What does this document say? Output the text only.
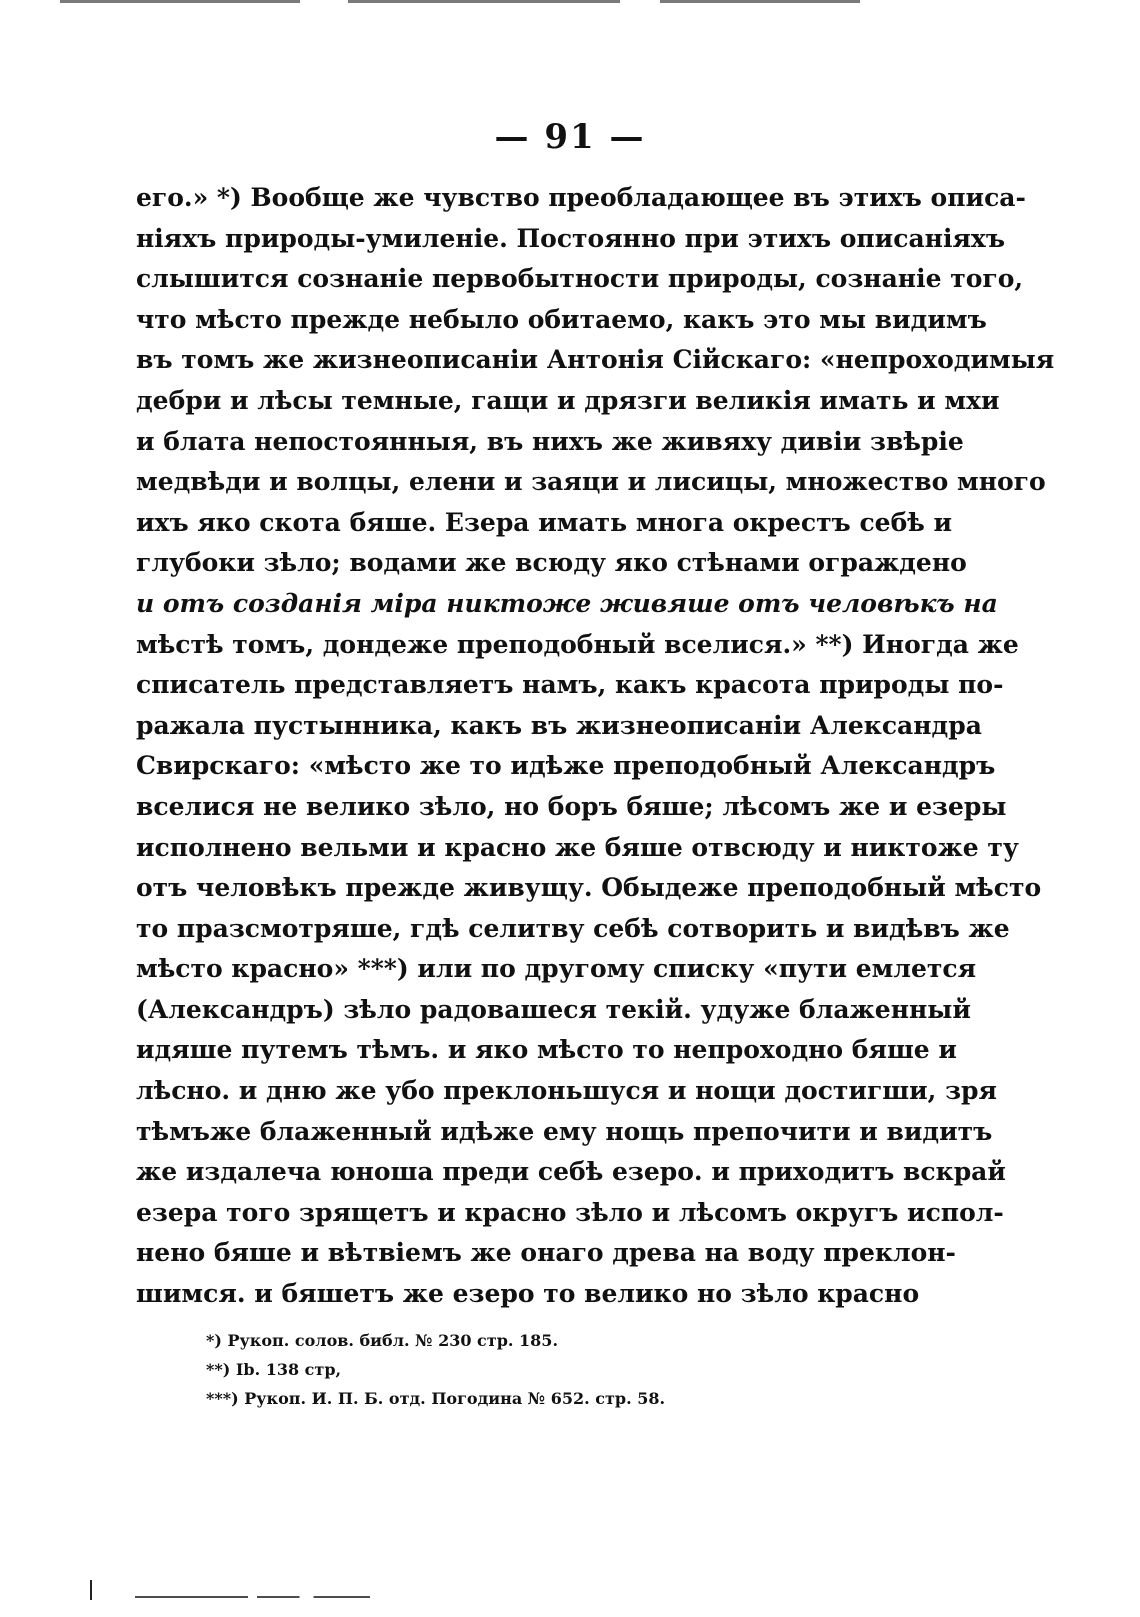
— 91 —
его.» *) Вообще же чувство преобладающее въ этихъ описа-
ніяхъ природы-умиленіе. Постоянно при этихъ описаніяхъ
слышится сознаніе первобытности природы, сознаніе того,
что мѣсто прежде небыло обитаемо, какъ это мы видимъ
въ томъ же жизнеописаніи Антонія Сійскаго: «непроходимыя
дебри и лѣсы темные, гащи и дрязги великія имать и мхи
и блата непостоянныя, въ нихъ же живяху дивіи звѣріе
медвѣди и волцы, елени и заяци и лисицы, множество много
ихъ яко скота бяше. Езера имать многа окрестъ себѣ и
глубоки зѣло; водами же всюду яко стѣнами ограждено
и отъ созданія міра никтоже живяше отъ человѣкъ на
мѣстѣ томъ, дондеже преподобный вселися.» **) Иногда же
списатель представляетъ намъ, какъ красота природы по-
ражала пустынника, какъ въ жизнеописаніи Александра
Свирскаго: «мѣсто же то идѣже преподобный Александръ
вселися не велико зѣло, но боръ бяше; лѣсомъ же и езеры
исполнено вельми и красно же бяше отвсюду и никтоже ту
отъ человѣкъ прежде живущу. Обыдеже преподобный мѣсто
то празсмотряше, гдѣ селитву себѣ сотворить и видѣвъ же
мѣсто красно» ***) или по другому списку «пути емлется
(Александръ) зѣло радовашеся текій. удуже блаженный
идяше путемъ тѣмъ. и яко мѣсто то непроходно бяше и
лѣсно. и дню же убо преклоньшуся и нощи достигши, зря
тѣмъже блаженный идѣже ему нощь препочити и видитъ
же издалеча юноша преди себѣ езеро. и приходитъ вскрай
езера того зрящетъ и красно зѣло и лѣсомъ округъ испол-
нено бяше и вѣтвіемъ же онаго древа на воду преклон-
шимся. и бяшетъ же езеро то велико но зѣло красно
*) Рукоп. солов. библ. № 230 стр. 185.
**) Ib. 138 стр,
***) Рукоп. И. П. Б. отд. Погодина № 652. стр. 58.
